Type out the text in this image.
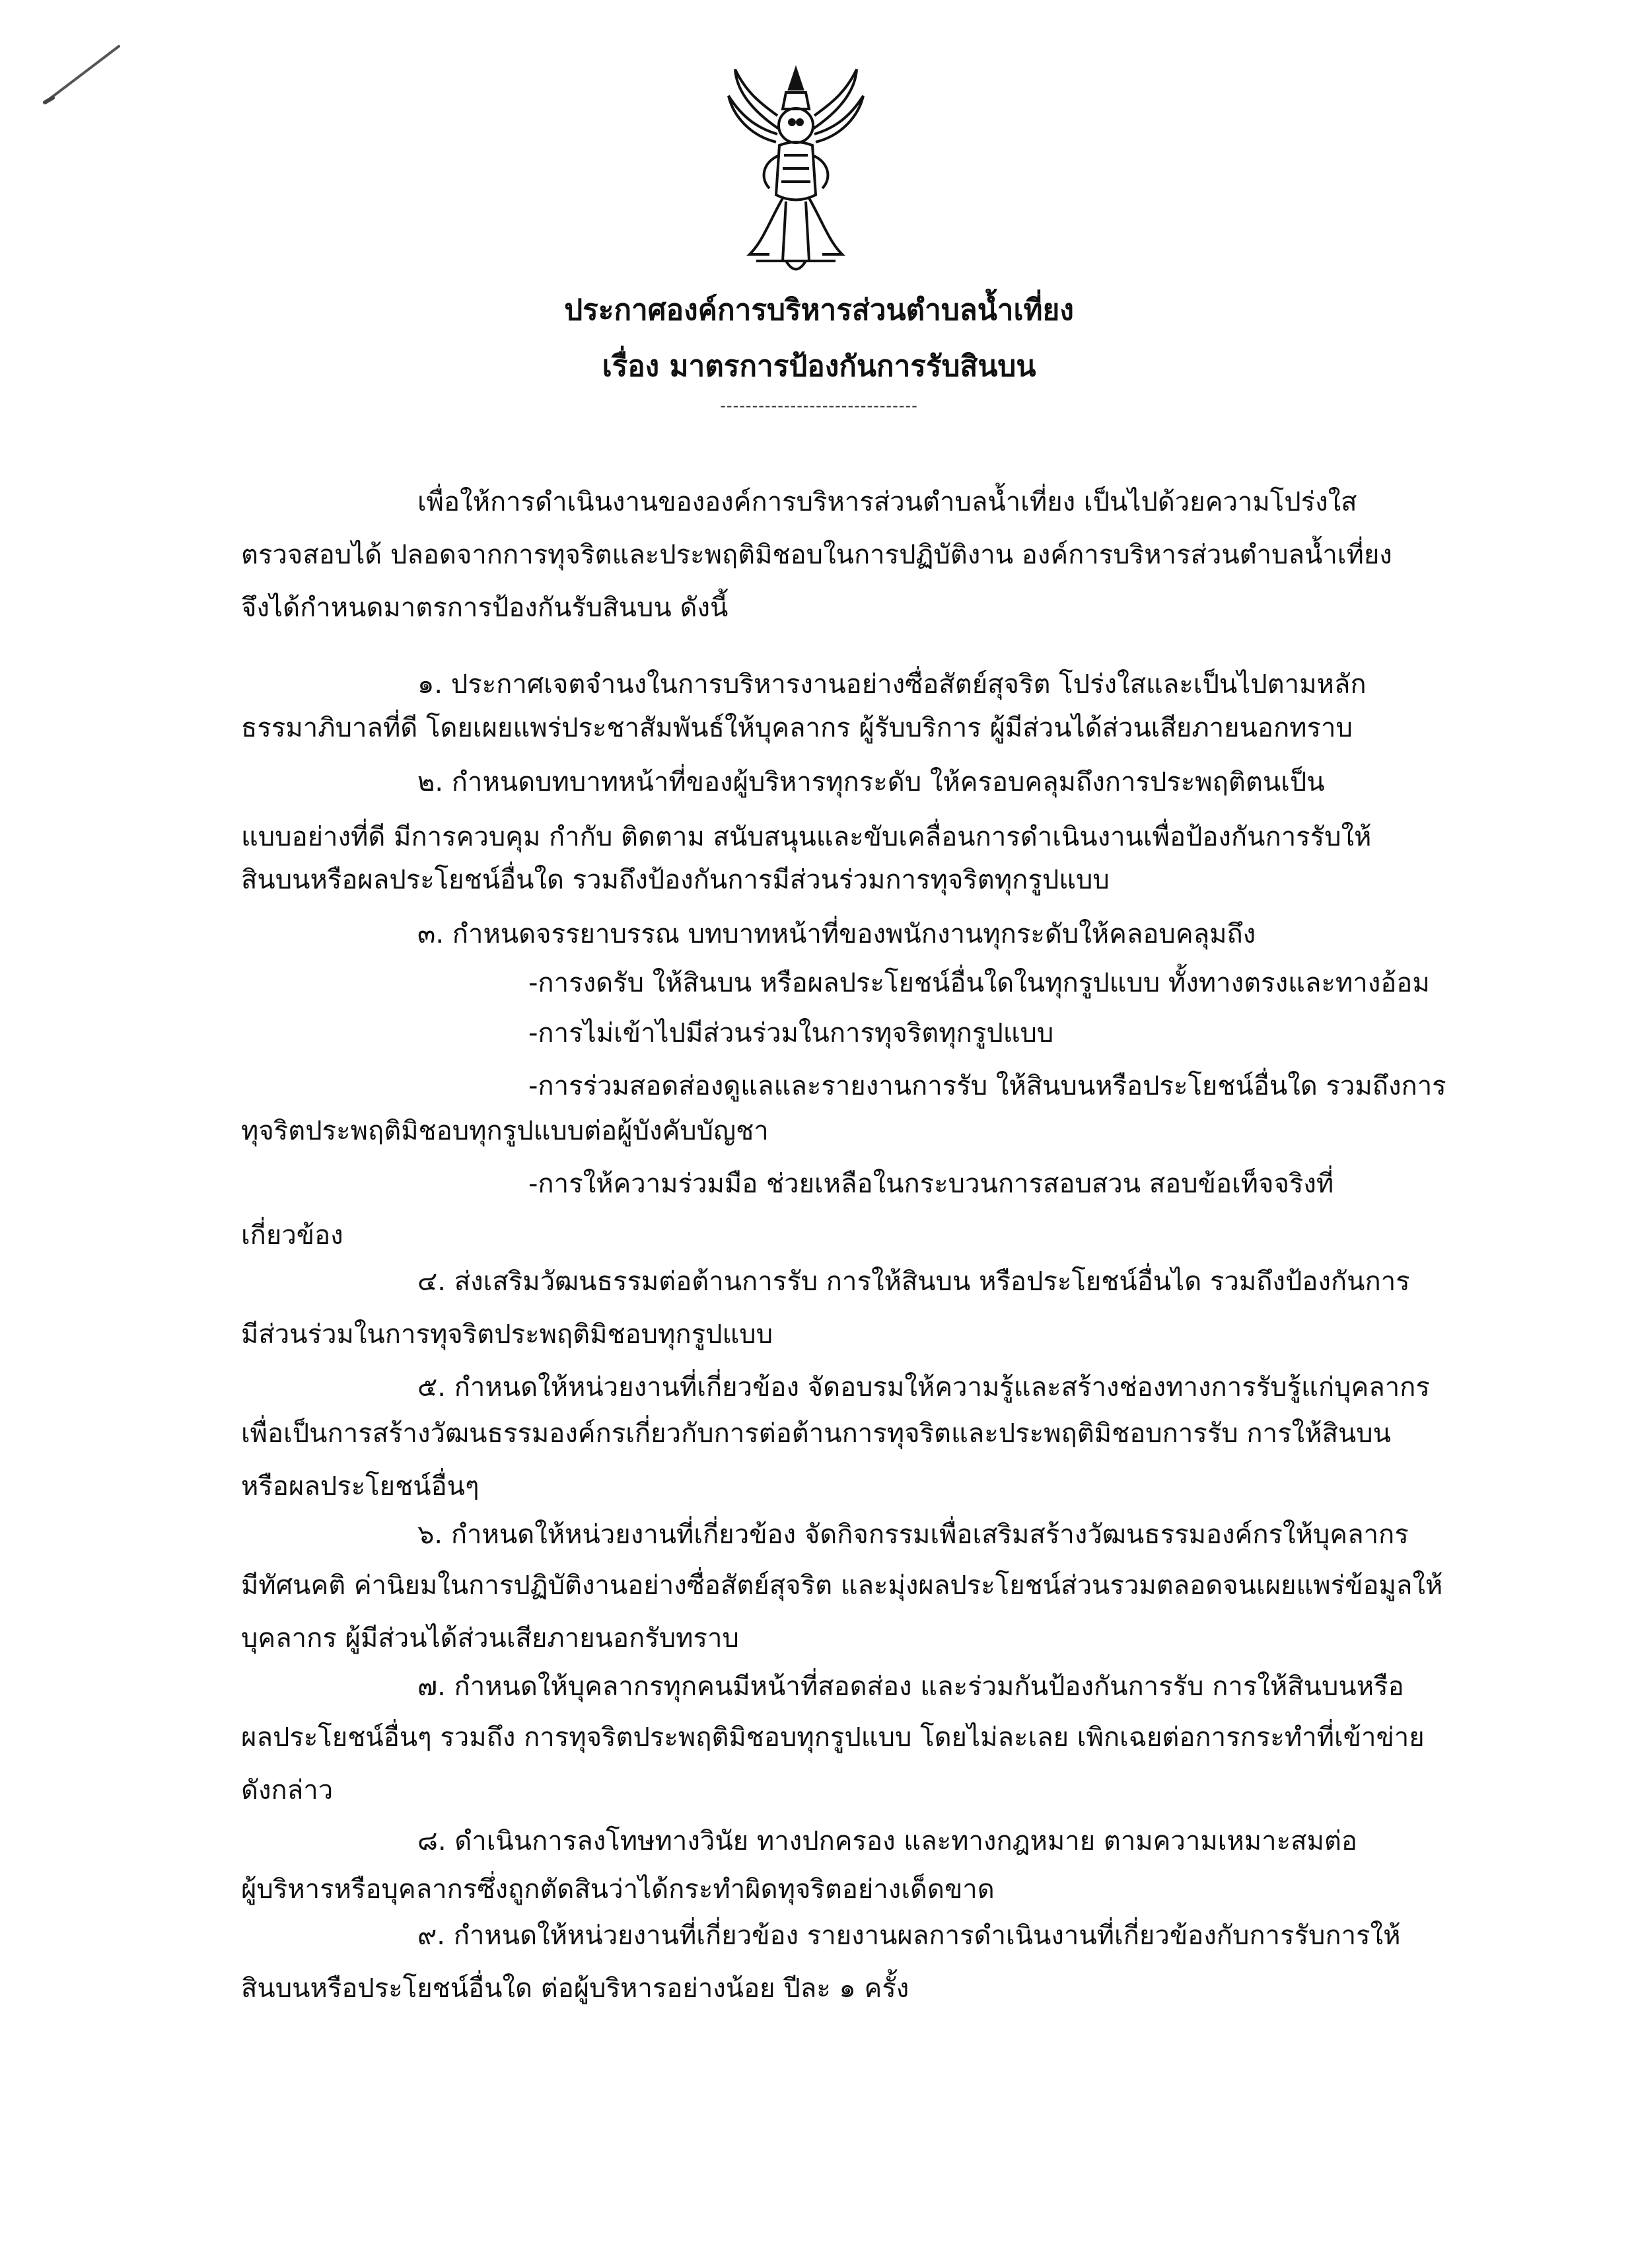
ประกาศองค์การบริหารส่วนตำบลน้ำเที่ยง
เรื่อง มาตรการป้องกันการรับสินบน
-------------------------------
เพื่อให้การดำเนินงานขององค์การบริหารส่วนตำบลน้ำเที่ยง เป็นไปด้วยความโปร่งใส
ตรวจสอบได้ ปลอดจากการทุจริตและประพฤติมิชอบในการปฏิบัติงาน องค์การบริหารส่วนตำบลน้ำเที่ยง
จึงได้กำหนดมาตรการป้องกันรับสินบน ดังนี้
๑. ประกาศเจตจำนงในการบริหารงานอย่างซื่อสัตย์สุจริต โปร่งใสและเป็นไปตามหลัก
ธรรมาภิบาลที่ดี โดยเผยแพร่ประชาสัมพันธ์ให้บุคลากร ผู้รับบริการ ผู้มีส่วนได้ส่วนเสียภายนอกทราบ
๒. กำหนดบทบาทหน้าที่ของผู้บริหารทุกระดับ ให้ครอบคลุมถึงการประพฤติตนเป็น
แบบอย่างที่ดี มีการควบคุม กำกับ ติดตาม สนับสนุนและขับเคลื่อนการดำเนินงานเพื่อป้องกันการรับให้
สินบนหรือผลประโยชน์อื่นใด รวมถึงป้องกันการมีส่วนร่วมการทุจริตทุกรูปแบบ
๓. กำหนดจรรยาบรรณ บทบาทหน้าที่ของพนักงานทุกระดับให้คลอบคลุมถึง
-การงดรับ ให้สินบน หรือผลประโยชน์อื่นใดในทุกรูปแบบ ทั้งทางตรงและทางอ้อม
-การไม่เข้าไปมีส่วนร่วมในการทุจริตทุกรูปแบบ
-การร่วมสอดส่องดูแลและรายงานการรับ ให้สินบนหรือประโยชน์อื่นใด รวมถึงการ
ทุจริตประพฤติมิชอบทุกรูปแบบต่อผู้บังคับบัญชา
-การให้ความร่วมมือ ช่วยเหลือในกระบวนการสอบสวน สอบข้อเท็จจริงที่
เกี่ยวข้อง
๔. ส่งเสริมวัฒนธรรมต่อต้านการรับ การให้สินบน หรือประโยชน์อื่นได รวมถึงป้องกันการ
มีส่วนร่วมในการทุจริตประพฤติมิชอบทุกรูปแบบ
๕. กำหนดให้หน่วยงานที่เกี่ยวข้อง จัดอบรมให้ความรู้และสร้างช่องทางการรับรู้แก่บุคลากร
เพื่อเป็นการสร้างวัฒนธรรมองค์กรเกี่ยวกับการต่อต้านการทุจริตและประพฤติมิชอบการรับ การให้สินบน
หรือผลประโยชน์อื่นๆ
๖. กำหนดให้หน่วยงานที่เกี่ยวข้อง จัดกิจกรรมเพื่อเสริมสร้างวัฒนธรรมองค์กรให้บุคลากร
มีทัศนคติ ค่านิยมในการปฏิบัติงานอย่างซื่อสัตย์สุจริต และมุ่งผลประโยชน์ส่วนรวมตลอดจนเผยแพร่ข้อมูลให้
บุคลากร ผู้มีส่วนได้ส่วนเสียภายนอกรับทราบ
๗. กำหนดให้บุคลากรทุกคนมีหน้าที่สอดส่อง และร่วมกันป้องกันการรับ การให้สินบนหรือ
ผลประโยชน์อื่นๆ รวมถึง การทุจริตประพฤติมิชอบทุกรูปแบบ โดยไม่ละเลย เพิกเฉยต่อการกระทำที่เข้าข่าย
ดังกล่าว
๘. ดำเนินการลงโทษทางวินัย ทางปกครอง และทางกฎหมาย ตามความเหมาะสมต่อ
ผู้บริหารหรือบุคลากรซึ่งถูกตัดสินว่าได้กระทำผิดทุจริตอย่างเด็ดขาด
๙. กำหนดให้หน่วยงานที่เกี่ยวข้อง รายงานผลการดำเนินงานที่เกี่ยวข้องกับการรับการให้
สินบนหรือประโยชน์อื่นใด ต่อผู้บริหารอย่างน้อย ปีละ ๑ ครั้ง
